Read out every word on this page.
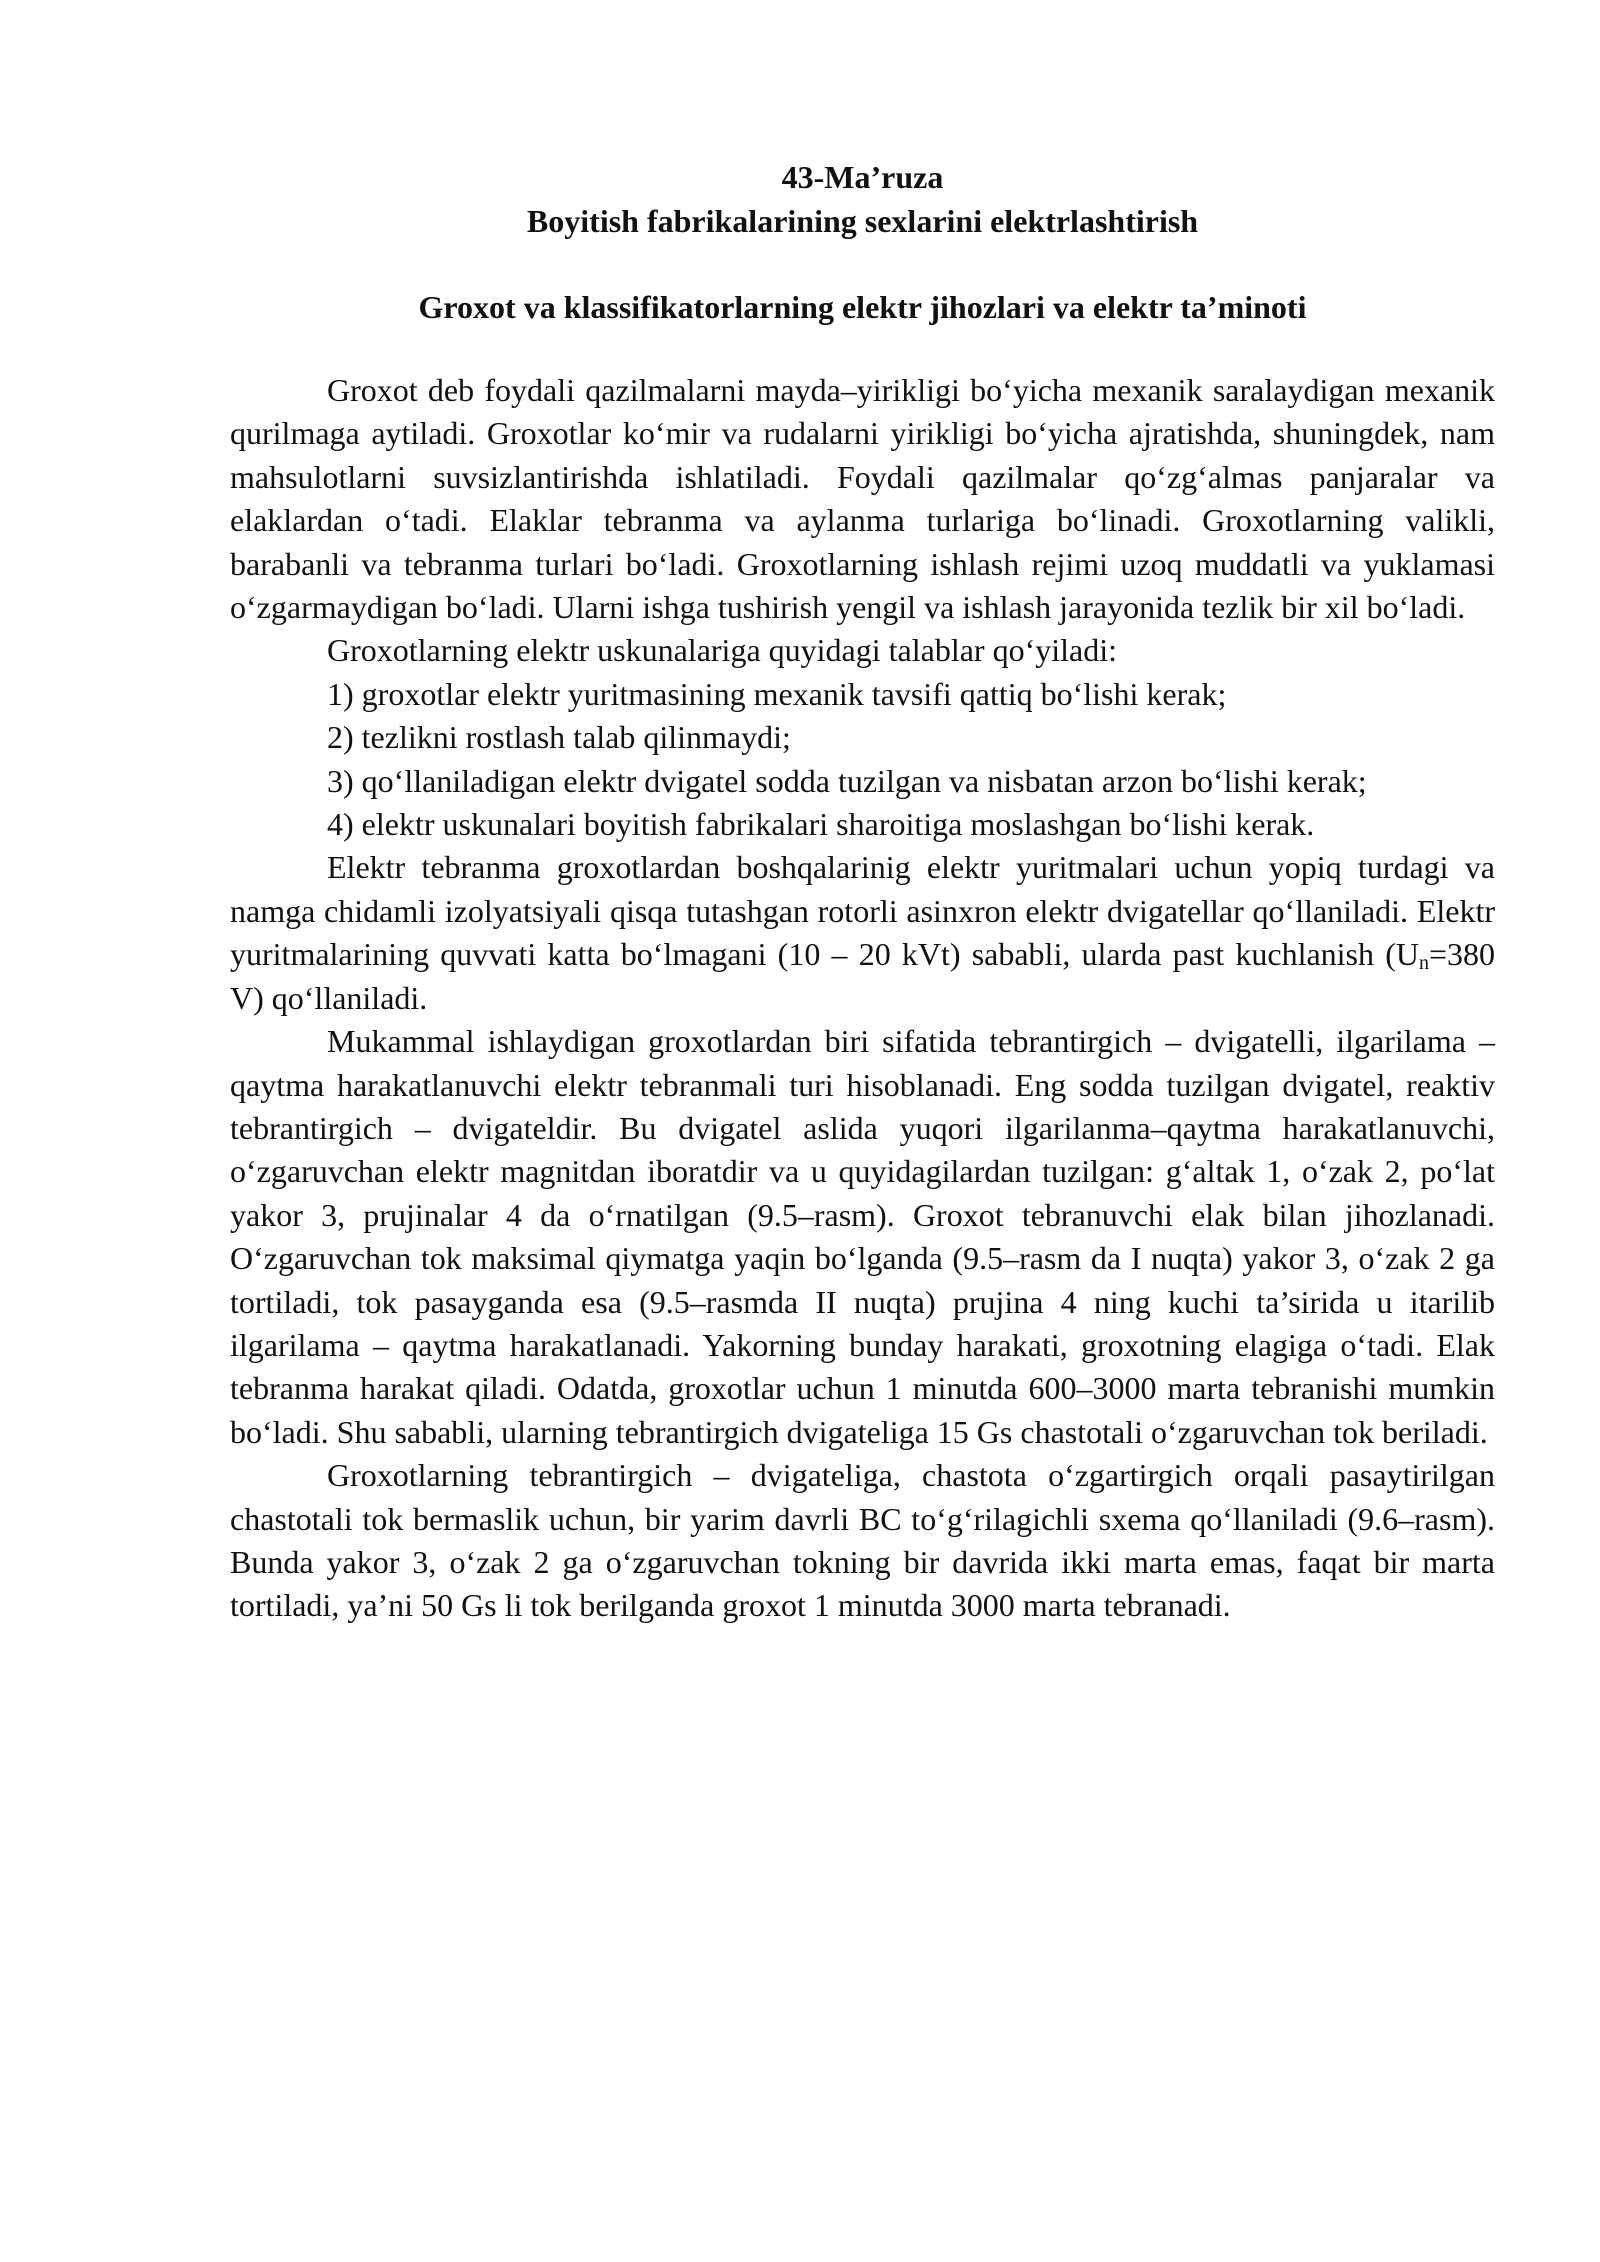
43-Ma’ruza
Boyitish fabrikalarining sexlarini elektrlashtirish
Groxot va klassifikatorlarning elektr jihozlari va elektr ta’minoti

Groxot deb foydali qazilmalarni mayda–yirikligi bo‘yicha mexanik saralaydigan mexanik qurilmaga aytiladi. Groxotlar ko‘mir va rudalarni yirikligi bo‘yicha ajratishda, shuningdek, nam mahsulotlarni suvsizlantirishda ishlatiladi. Foydali qazilmalar qo‘zg‘almas panjaralar va elaklardan o‘tadi. Elaklar tebranma va aylanma turlariga bo‘linadi. Groxotlarning valikli, barabanli va tebranma turlari bo‘ladi. Groxotlarning ishlash rejimi uzoq muddatli va yuklamasi o‘zgarmaydigan bo‘ladi. Ularni ishga tushirish yengil va ishlash jarayonida tezlik bir xil bo‘ladi.

Groxotlarning elektr uskunalariga quyidagi talablar qo‘yiladi:

1) groxotlar elektr yuritmasining mexanik tavsifi qattiq bo‘lishi kerak;

2) tezlikni rostlash talab qilinmaydi;

3) qo‘llaniladigan elektr dvigatel sodda tuzilgan va nisbatan arzon bo‘lishi kerak;

4) elektr uskunalari boyitish fabrikalari sharoitiga moslashgan bo‘lishi kerak.

Elektr tebranma groxotlardan boshqalarinig elektr yuritmalari uchun yopiq turdagi va namga chidamli izolyatsiyali qisqa tutashgan rotorli asinxron elektr dvigatellar qo‘llaniladi. Elektr yuritmalarining quvvati katta bo‘lmagani (10 – 20 kVt) sababli, ularda past kuchlanish ($U_n=380$ V) qo‘llaniladi.

Mukammal ishlaydigan groxotlardan biri sifatida tebrantirgich – dvigatelli, ilgarilama – qaytma harakatlanuvchi elektr tebranmali turi hisoblanadi. Eng sodda tuzilgan dvigatel, reaktiv tebrantirgich – dvigateldir. Bu dvigatel aslida yuqori ilgarilanma–qaytma harakatlanuvchi, o‘zgaruvchan elektr magnitdan iboratdir va u quyidagilardan tuzilgan: g‘altak 1, o‘zak 2, po‘lat yakor 3, prujinalar 4 da o‘rnatilgan (9.5–rasm). Groxot tebranuvchi elak bilan jihozlanadi. O‘zgaruvchan tok maksimal qiymatga yaqin bo‘lganda (9.5–rasm da I nuqta) yakor 3, o‘zak 2 ga tortiladi, tok pasayganda esa (9.5–rasmda II nuqta) prujina 4 ning kuchi ta’sirida u itarilib ilgarilama – qaytma harakatlanadi. Yakorning bunday harakati, groxotning elagiga o‘tadi. Elak tebranma harakat qiladi. Odatda, groxotlar uchun 1 minutda 600–3000 marta tebranishi mumkin bo‘ladi. Shu sababli, ularning tebrantirgich dvigateliga 15 Gs chastotali o‘zgaruvchan tok beriladi.

Groxotlarning tebrantirgich – dvigateliga, chastota o‘zgartirgich orqali pasaytirilgan chastotali tok bermaslik uchun, bir yarim davrli BC to‘g‘rilagichli sxema qo‘llaniladi (9.6–rasm). Bunda yakor 3, o‘zak 2 ga o‘zgaruvchan tokning bir davrida ikki marta emas, faqat bir marta tortiladi, ya’ni 50 Gs li tok berilganda groxot 1 minutda 3000 marta tebranadi.
